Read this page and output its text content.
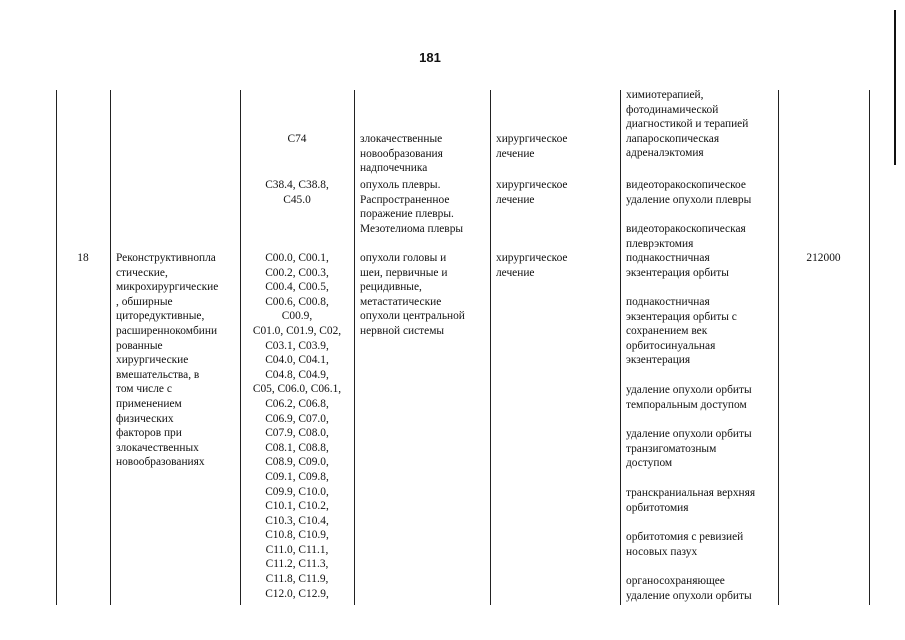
181
18	Реконструктивнопла
стические,
микрохирургические
, обширные
циторедуктивные,
расширеннокомбини
рованные
хирургические
вмешательства, в
том числе с
применением
физических
факторов при
злокачественных
новообразованиях
C74
C38.4, C38.8,
C45.0
C00.0, C00.1,
C00.2, C00.3,
C00.4, C00.5,
C00.6, C00.8,
C00.9,
C01.0, C01.9, C02,
C03.1, C03.9,
C04.0, C04.1,
C04.8, C04.9,
C05, C06.0, C06.1,
C06.2, C06.8,
C06.9, C07.0,
C07.9, C08.0,
C08.1, C08.8,
C08.9, C09.0,
C09.1, C09.8,
C09.9, C10.0,
C10.1, C10.2,
C10.3, C10.4,
C10.8, C10.9,
C11.0, C11.1,
C11.2, C11.3,
C11.8, C11.9,
C12.0, C12.9,
злокачественные
новообразования
надпочечника
опухоль плевры.
Распространенное
поражение плевры.
Мезотелиома плевры
опухоли головы и
шеи, первичные и
рецидивные,
метастатические
опухоли центральной
нервной системы
хирургическое
лечение
хирургическое
лечение
хирургическое
лечение
химиотерапией,
фотодинамической
диагностикой и терапией
лапароскопическая
адреналэктомия
видеоторакоскопическое
удаление опухоли плевры
видеоторакоскопическая
плеврэктомия
поднакостничная
экзентерация орбиты
поднакостничная
экзентерация орбиты с
сохранением век
орбитосинуальная
экзентерация
удаление опухоли орбиты
темпоральным доступом
удаление опухоли орбиты
транзигоматозным
доступом
транскраниальная верхняя
орбитотомия
орбитотомия с ревизией
носовых пазух
органосохраняющее
удаление опухоли орбиты
212000
